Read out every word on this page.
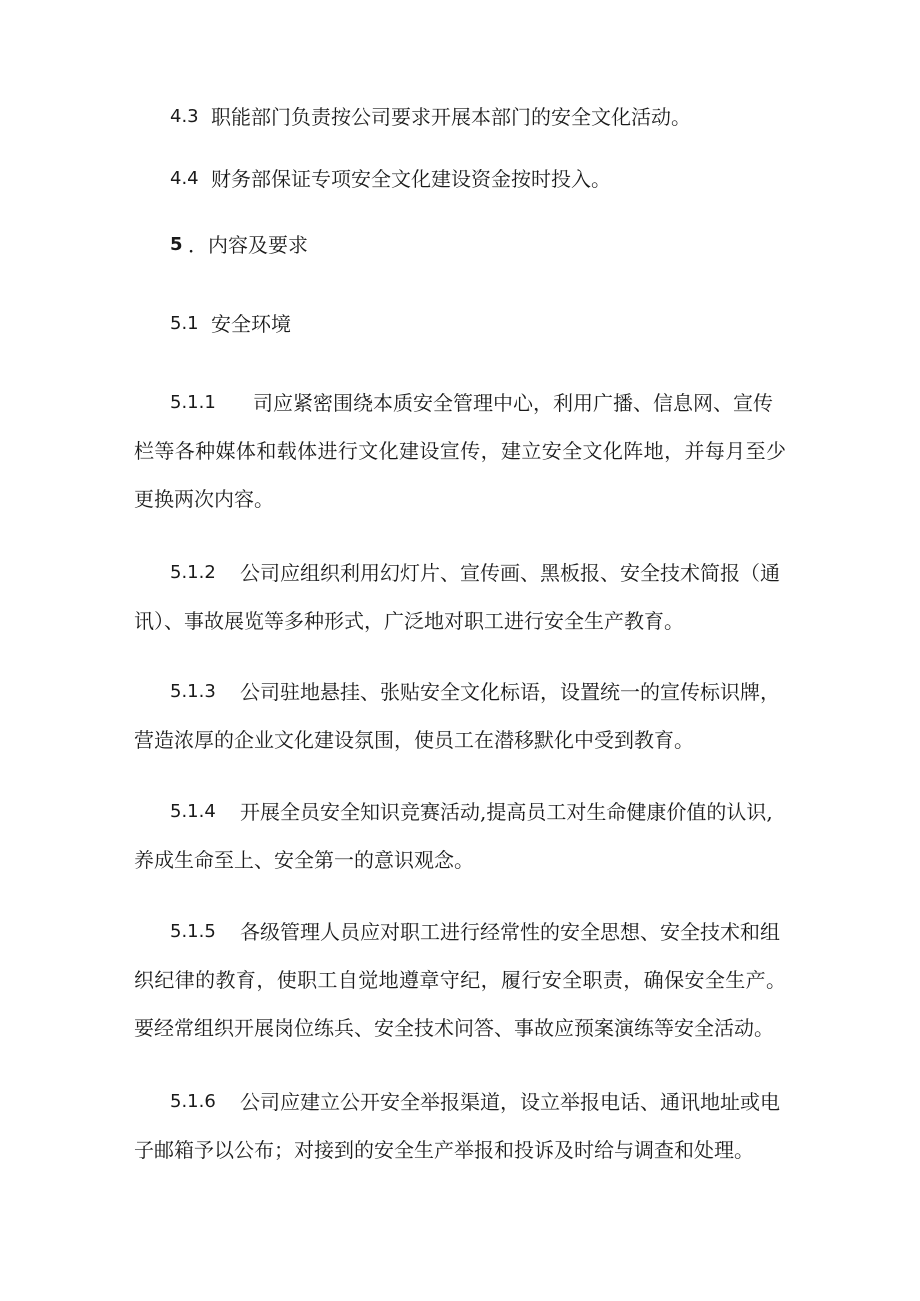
4.3 职能部门负责按公司要求开展本部门的安全文化活动。
4.4 财务部保证专项安全文化建设资金按时投入。
5 ．内容及要求
5.1 安全环境
5.1.1 司应紧密围绕本质安全管理中心，利用广播、信息网、宣传
栏等各种媒体和载体进行文化建设宣传，建立安全文化阵地，并每月至少
更换两次内容。
5.1.2 公司应组织利用幻灯片、宣传画、黑板报、安全技术简报（通
讯）、事故展览等多种形式，广泛地对职工进行安全生产教育。
5.1.3 公司驻地悬挂、张贴安全文化标语，设置统一的宣传标识牌，
营造浓厚的企业文化建设氛围，使员工在潜移默化中受到教育。
5.1.4 开展全员安全知识竞赛活动,提高员工对生命健康价值的认识,
养成生命至上、安全第一的意识观念。
5.1.5 各级管理人员应对职工进行经常性的安全思想、安全技术和组
织纪律的教育，使职工自觉地遵章守纪，履行安全职责，确保安全生产。
要经常组织开展岗位练兵、安全技术问答、事故应预案演练等安全活动。
5.1.6 公司应建立公开安全举报渠道，设立举报电话、通讯地址或电
子邮箱予以公布；对接到的安全生产举报和投诉及时给与调查和处理。
